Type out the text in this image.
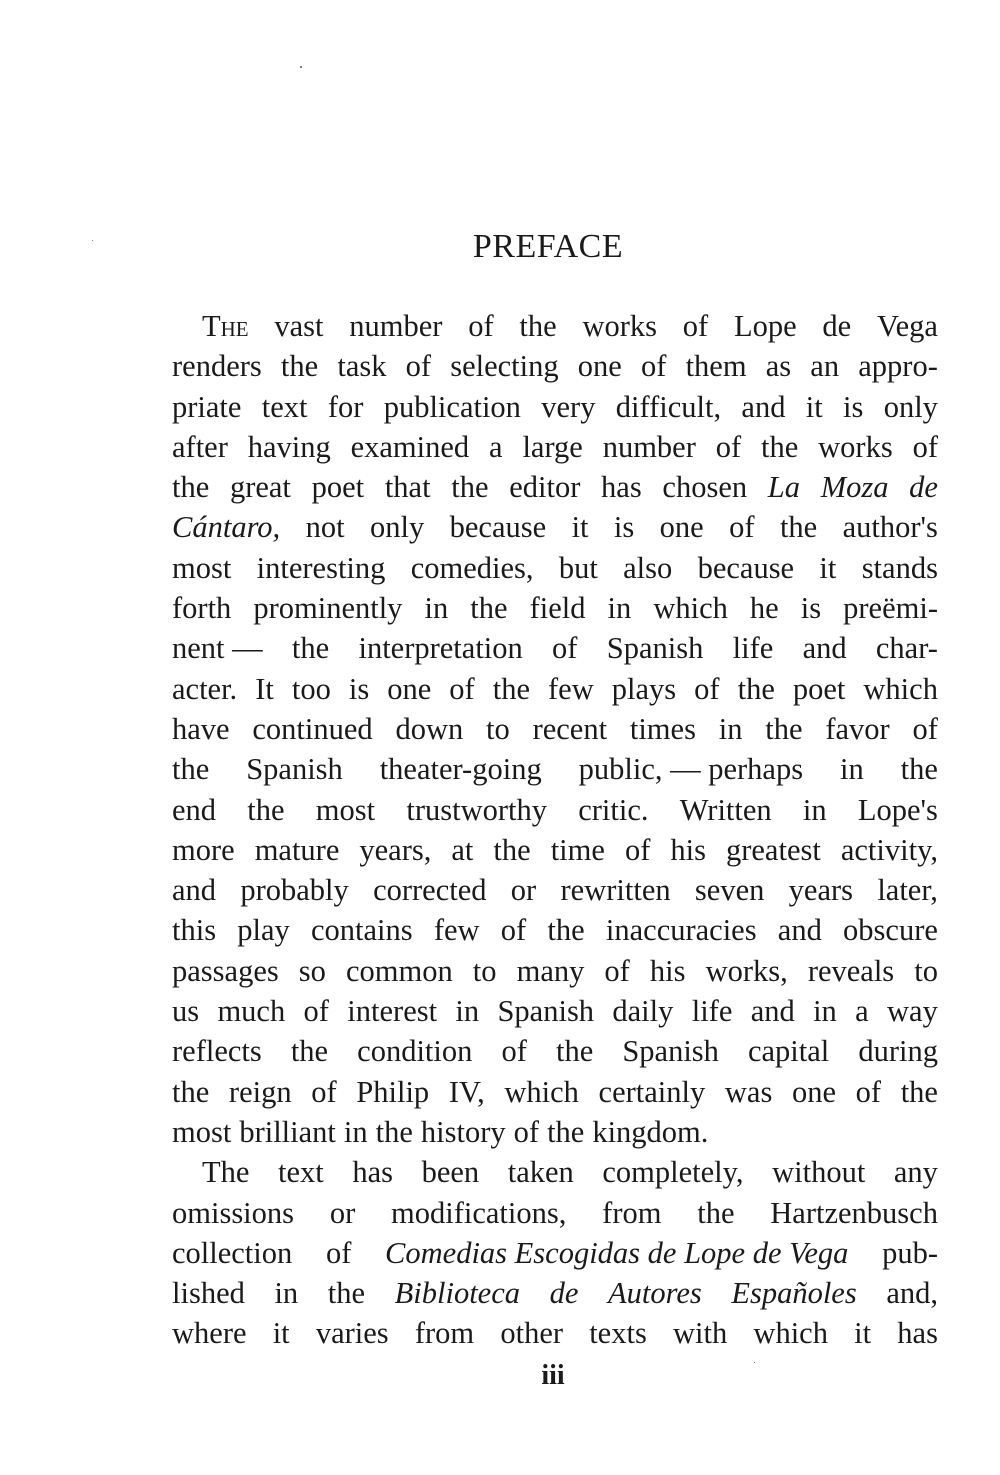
PREFACE
The vast number of the works of Lope de Vega
renders the task of selecting one of them as an appro-
priate text for publication very difficult, and it is only
after having examined a large number of the works of
the great poet that the editor has chosen La Moza de
Cántaro, not only because it is one of the author's
most interesting comedies, but also because it stands
forth prominently in the field in which he is preëmi-
nent — the interpretation of Spanish life and char-
acter. It too is one of the few plays of the poet which
have continued down to recent times in the favor of
the Spanish theater-going public, — perhaps in the
end the most trustworthy critic. Written in Lope's
more mature years, at the time of his greatest activity,
and probably corrected or rewritten seven years later,
this play contains few of the inaccuracies and obscure
passages so common to many of his works, reveals to
us much of interest in Spanish daily life and in a way
reflects the condition of the Spanish capital during
the reign of Philip IV, which certainly was one of the
most brilliant in the history of the kingdom.
The text has been taken completely, without any
omissions or modifications, from the Hartzenbusch
collection of Comedias Escogidas de Lope de Vega pub-
lished in the Biblioteca de Autores Españoles and,
where it varies from other texts with which it has
iii
